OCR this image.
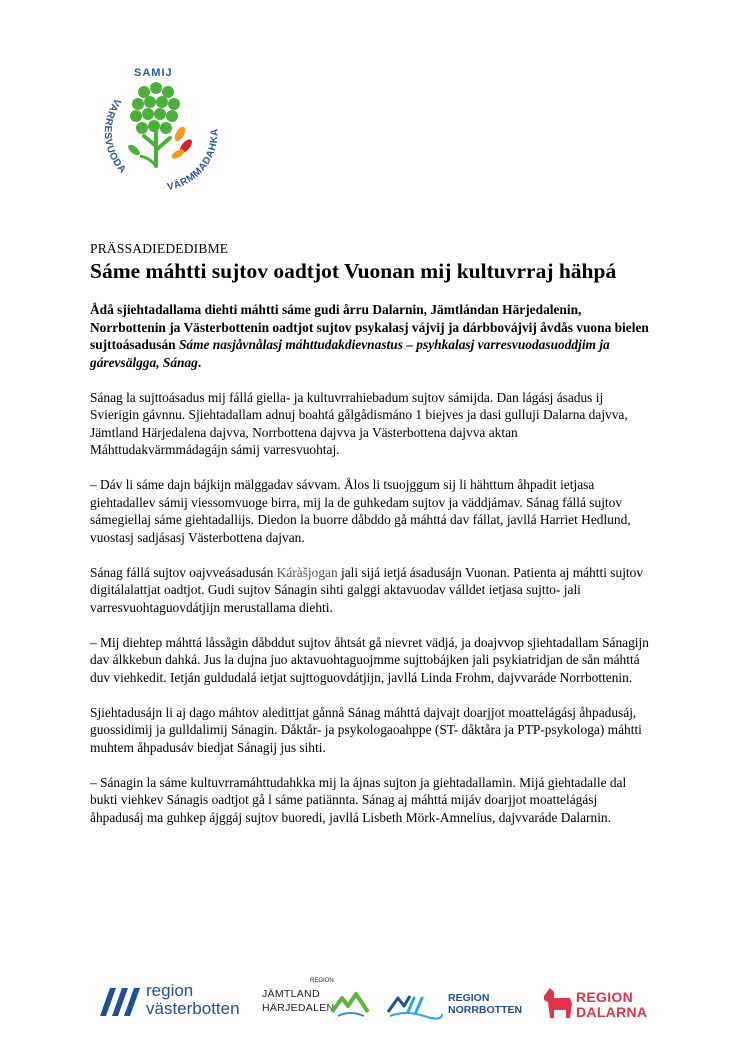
SAMIJ
VARRESVUODA
VÄRMMADAHKA
PRÄSSADIEDEDIBME
Sáme máhtti sujtov oadtjot Vuonan mij kultuvrraj hähpá

Ådå sjiehtadallama diehti máhtti sáme gudi årru Dalarnin, Jämtlándan Härjedalenin, Norrbottenin ja Västerbottenin oadtjot sujtov psykalasj vájvij ja dárbbovájvij åvdås vuona bielen sujttoásadusán Sáme nasjåvnålasj máhttudakdievnastus – psyhkalasj varresvuodasuoddjim ja gárevsälgga, Sánag.

Sánag la sujttoásadus mij fállá giella- ja kultuvrrahiebadum sujtov sámijda. Dan lágásj ásadus ij Svierigin gávnnu. Sjiehtadallam adnuj boahtá gålgådismáno 1 biejves ja dasi gulluji Dalarna dajvva, Jämtland Härjedalena dajvva, Norrbottena dajvva ja Västerbottena dajvva aktan Máhttudakvärmmádagájn sámij varresvuohtaj.

– Dáv li sáme dajn bájkijn mälggadav sávvam. Ålos li tsuojggum sij li hähttum åhpadit ietjasa giehtadallev sámij viessomvuoge birra, mij la de guhkedam sujtov ja väddjámav. Sánag fállá sujtov sámegiellaj sáme giehtadallijs. Diedon la buorre dåbddo gå máhttá dav fállat, javllá Harriet Hedlund, vuostasj sadjásasj Västerbottena dajvan.

Sánag fállá sujtov oajvveásadusán Káràšjogan jali sijá ietjá ásadusájn Vuonan. Patienta aj máhtti sujtov digitálalattjat oadtjot. Gudi sujtov Sánagin sihti galggi aktavuodav válldet ietjasa sujtto- jali varresvuohtaguovdátjijn merustallama diehti.

– Mij diehtep máhttá låssågin dåbddut sujtov åhtsát gå nievret vädjá, ja doajvvop sjiehtadallam Sánagijn dav álkkebun dahká. Jus la dujna juo aktavuohtaguojmme sujttobájken jali psykiatridjan de sån máhttá duv viehkedit. Ietján guldudalá ietjat sujttoguovdátjijn, javllá Linda Frohm, dajvvaráde Norrbottenin.

Sjiehtadusájn li aj dago máhtov aledittjat gånnå Sánag máhttá dajvajt doarjjot moattelágásj åhpadusáj, guossidimij ja gulldalimij Sánagin. Dåktår- ja psykologaoahppe (ST- dåktåra ja PTP-psykologa) máhtti muhtem åhpadusáv biedjat Sánagij jus sihti.

– Sánagin la sáme kultuvrramáhttudahkka mij la ájnas sujton ja giehtadallamin. Mijá giehtadalle dal bukti viehkev Sánagis oadtjot gå l sáme patiännta. Sánag aj máhttá mijáv doarjjot moattelágásj åhpadusáj ma guhkep ájggáj sujtov buoredi, javllá Lisbeth Mörk-Amnelius, dajvvaráde Dalarnin.

region
västerbotten
REGION
JÄMTLAND
HÄRJEDALEN
REGION
NORRBOTTEN
REGION
DALARNA
